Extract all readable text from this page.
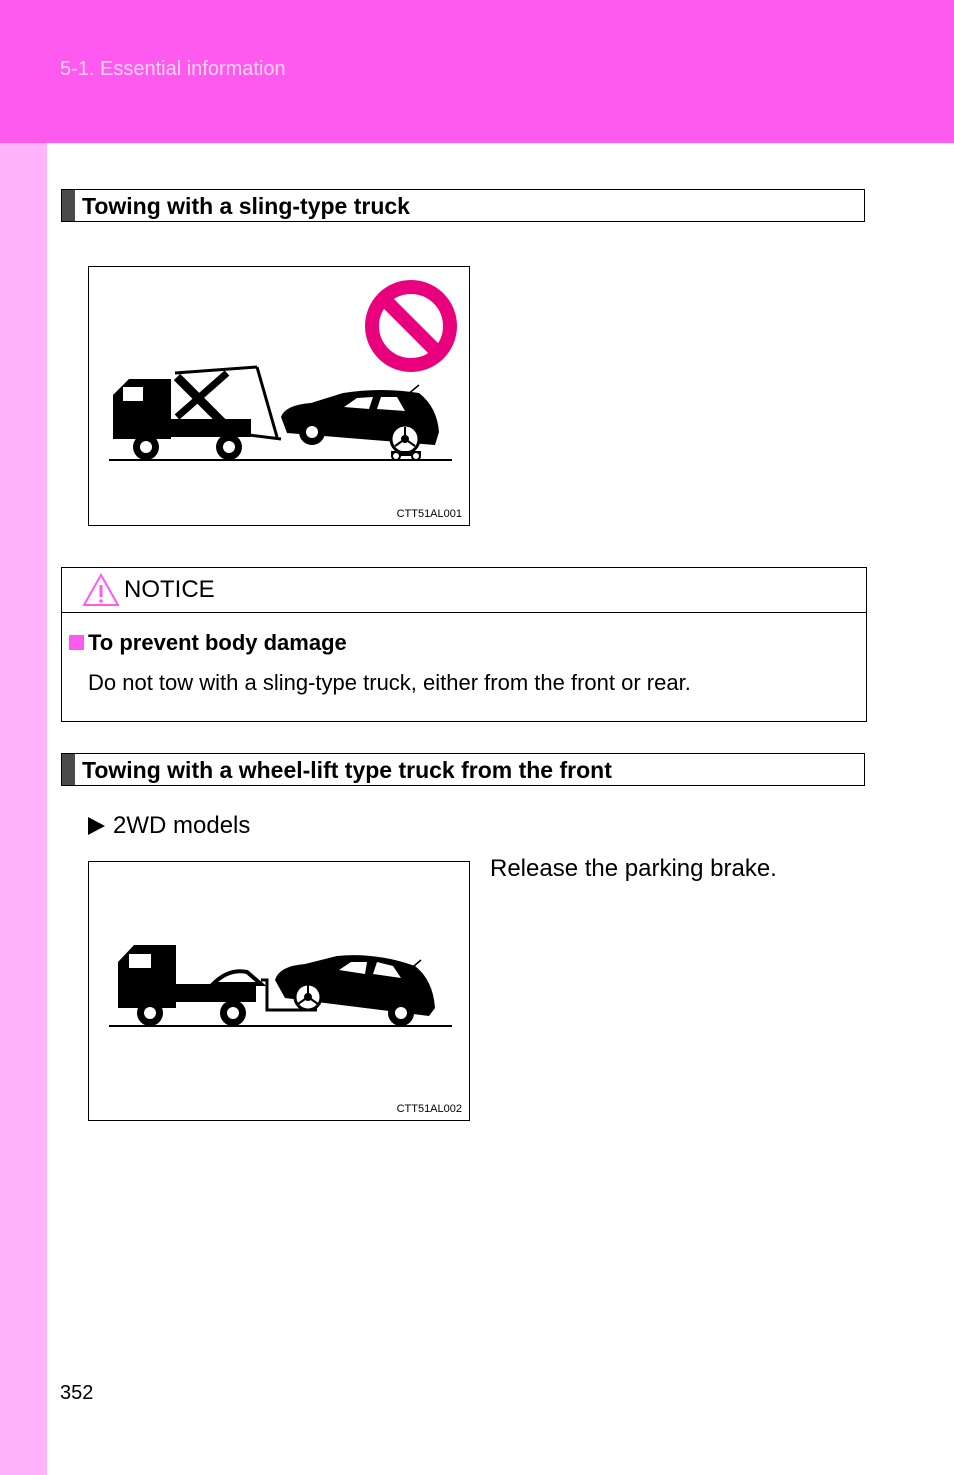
5-1. Essential information
Towing with a sling-type truck
CTT51AL001
NOTICE
To prevent body damage
Do not tow with a sling-type truck, either from the front or rear.
Towing with a wheel-lift type truck from the front
2WD models
CTT51AL002
Release the parking brake.
352
